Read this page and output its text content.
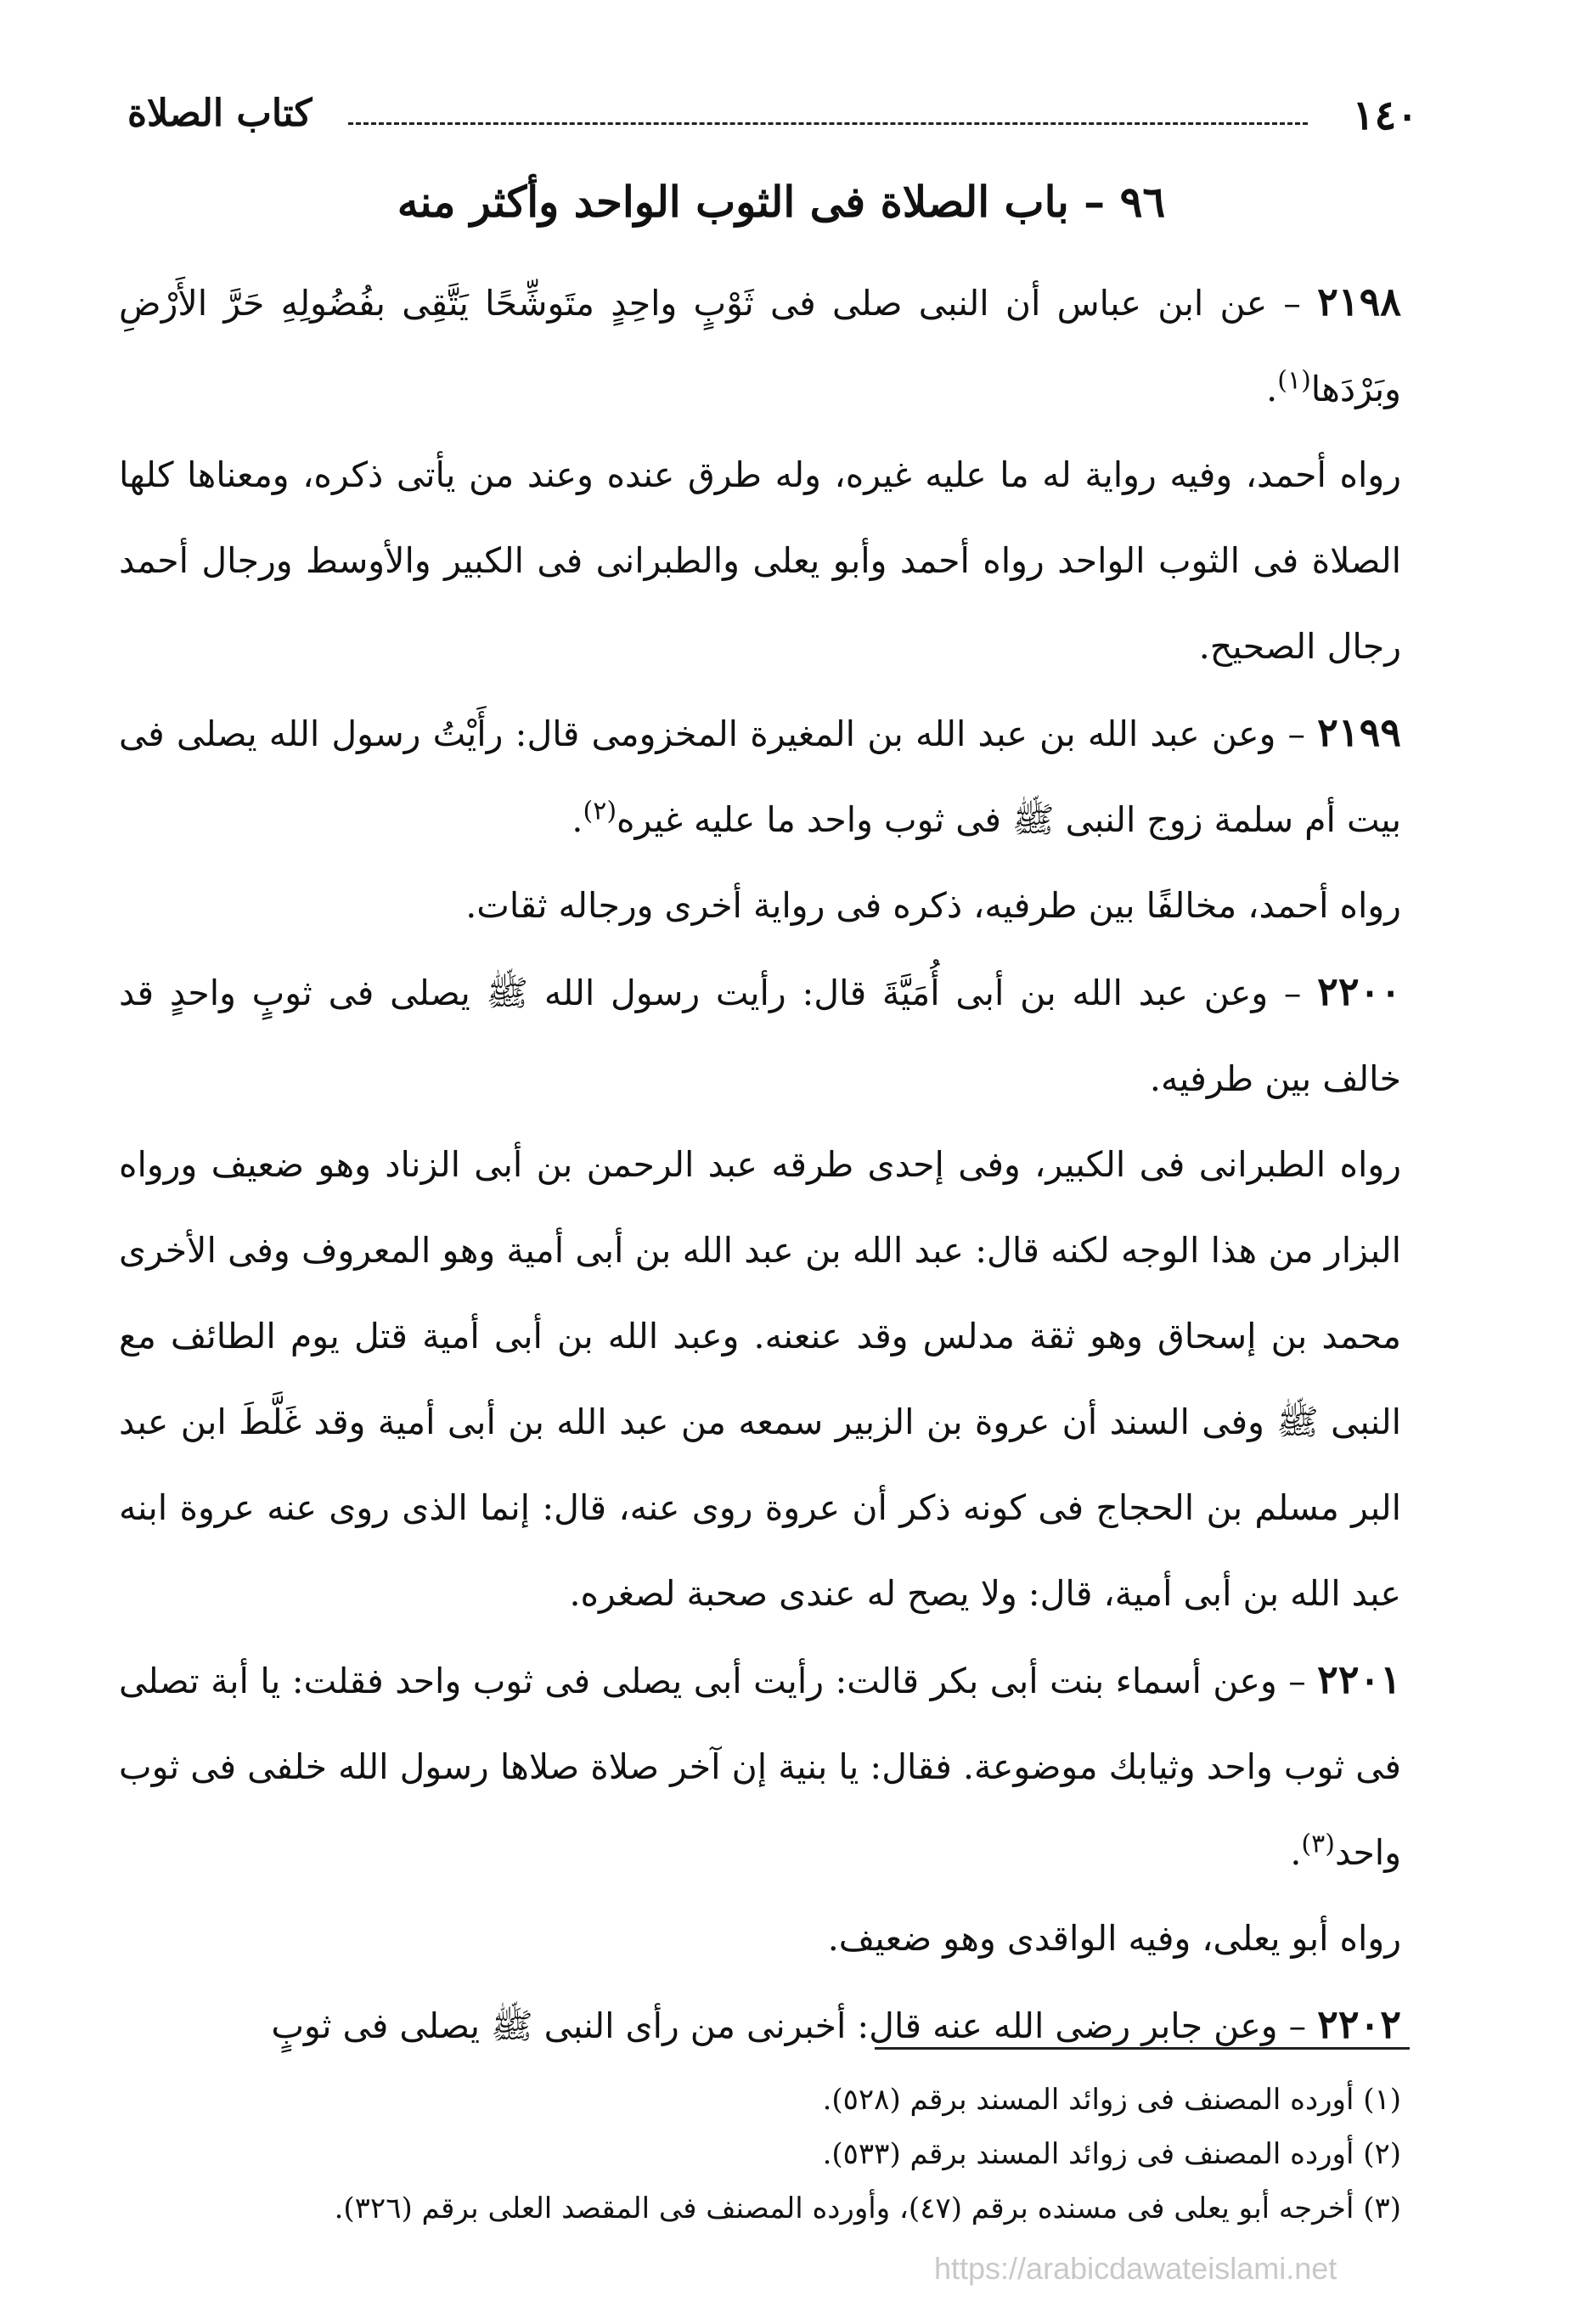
١٤٠
كتاب الصلاة
٩٦ – باب الصلاة فى الثوب الواحد وأكثر منه

٢١٩٨ – عن ابن عباس أن النبى صلى فى ثَوْبٍ واحِدٍ متَوشِّحًا يَتَّقِى بفُضُولِهِ حَرَّ الأَرْضِ وبَرْدَها$^{(١)}$.

رواه أحمد، وفيه رواية له ما عليه غيره، وله طرق عنده وعند من يأتى ذكره، ومعناها كلها الصلاة فى الثوب الواحد رواه أحمد وأبو يعلى والطبرانى فى الكبير والأوسط ورجال أحمد رجال الصحيح.

٢١٩٩ – وعن عبد الله بن عبد الله بن المغيرة المخزومى قال: رأَيْتُ رسول الله يصلى فى بيت أم سلمة زوج النبى ﷺ فى ثوب واحد ما عليه غيره$^{(٢)}$.

رواه أحمد، مخالفًا بين طرفيه، ذكره فى رواية أخرى ورجاله ثقات.

٢٢٠٠ – وعن عبد الله بن أبى أُمَيَّةَ قال: رأيت رسول الله ﷺ يصلى فى ثوبٍ واحدٍ قد خالف بين طرفيه.

رواه الطبرانى فى الكبير، وفى إحدى طرقه عبد الرحمن بن أبى الزناد وهو ضعيف ورواه البزار من هذا الوجه لكنه قال: عبد الله بن عبد الله بن أبى أمية وهو المعروف وفى الأخرى محمد بن إسحاق وهو ثقة مدلس وقد عنعنه. وعبد الله بن أبى أمية قتل يوم الطائف مع النبى ﷺ وفى السند أن عروة بن الزبير سمعه من عبد الله بن أبى أمية وقد غَلَّطَ ابن عبد البر مسلم بن الحجاج فى كونه ذكر أن عروة روى عنه، قال: إنما الذى روى عنه عروة ابنه عبد الله بن أبى أمية، قال: ولا يصح له عندى صحبة لصغره.

٢٢٠١ – وعن أسماء بنت أبى بكر قالت: رأيت أبى يصلى فى ثوب واحد فقلت: يا أبة تصلى فى ثوب واحد وثيابك موضوعة. فقال: يا بنية إن آخر صلاة صلاها رسول الله خلفى فى ثوب واحد$^{(٣)}$.

رواه أبو يعلى، وفيه الواقدى وهو ضعيف.

٢٢٠٢ – وعن جابر رضى الله عنه قال: أخبرنى من رأى النبى ﷺ يصلى فى ثوبٍ

(١) أورده المصنف فى زوائد المسند برقم (٥٢٨).

(٢) أورده المصنف فى زوائد المسند برقم (٥٣٣).

(٣) أخرجه أبو يعلى فى مسنده برقم (٤٧)، وأورده المصنف فى المقصد العلى برقم (٣٢٦).

https://arabicdawateislami.net
